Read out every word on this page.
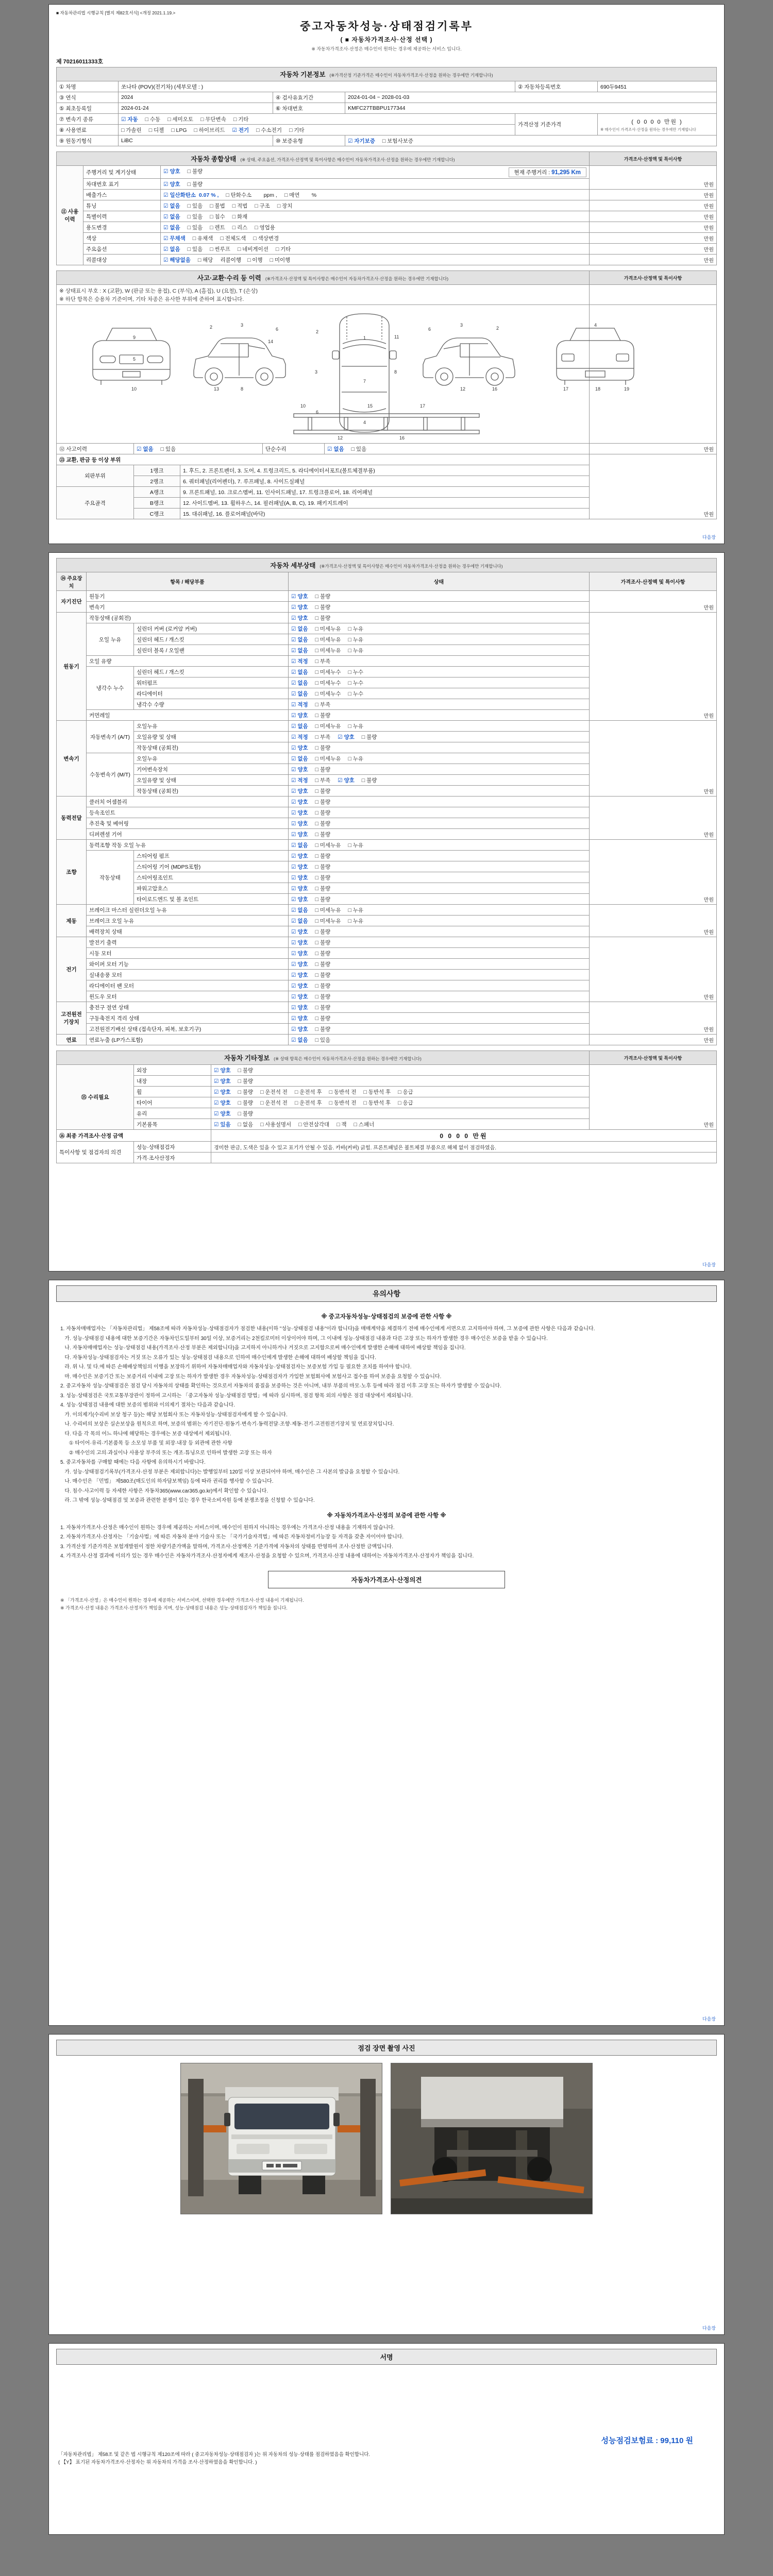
■ 자동차관리법 시행규칙 [별지 제82호서식] <개정 2021.1.19.>
중고자동차성능·상태점검기록부
( ■ 자동차가격조사·산정 선택 )
※ 자동차가격조사·산정은 매수인이 원하는 경우에 제공하는 서비스 입니다.
제 70216011333호
자동차 기본정보 (※가격산정 기준가격은 매수인이 자동차가격조사·산정을 원하는 경우에만 기재합니다)					
① 차명	쏘나타 (POV)(전기차) (세부모델 : )			② 자동차등록번호	690두9451
③ 연식	2024	④ 검사유효기간	2024-01-04 ~ 2028-01-03		
⑤ 최초등록일	2024-01-24	⑥ 차대번호	KMFC27TBBPU177344		
⑦ 변속기 종류	☑ 자동 □ 수동 □ 세미오토 □ 무단변속 □ 기타			가격산정 기준가격	( 0 0 0 0 만원 )
※ 매수인이 가격조사·산정을 원하는 경우에만 기재합니다

⑧ 사용연료	□ 가솔린 □ 디젤 □ LPG □ 하이브리드 ☑ 전기 □ 수소전기 □ 기타				
⑨ 원동기형식	LiBC	⑩ 보증유형	☑ 자기보증 □ 보험사보증		
자동차 종합상태 (※ 상태, 주요옵션, 가격조사·산정액 및 특이사항은 매수인이 자동차가격조사·산정을 원하는 경우에만 기재합니다)			가격조사·산정액 및 특이사항
⑪ 사용이력	주행거리 및 계기상태	☑ 양호 □ 불량 현재 주행거리 : 91,295 Km	만원
	차대번호 표기	☑ 양호 □ 불량	
	배출가스	☑ 일산화탄소  0.07 % , □ 탄화수소        ppm , □ 매연        %	만원
	튜닝	☑ 없음 □ 있음 □ 불법 □ 적법 □ 구조 □ 장치	만원
	특별이력	☑ 없음 □ 있음 □ 침수 □ 화재	만원
	용도변경	☑ 없음 □ 있음 □ 렌트 □ 리스 □ 영업용	만원
	색상	☑ 무채색 □ 유채색 □ 전체도색 □ 색상변경	만원
	주요옵션	☑ 없음 □ 있음 □ 썬루프 □ 네비게이션 □ 기타	만원
	리콜대상	☑ 해당없음 □ 해당 리콜이행 □ 이행 □ 미이행	만원
사고·교환·수리 등 이력 (※가격조사·산정액 및 특이사항은 매수인이 자동차가격조사·산정을 원하는 경우에만 기재합니다)					가격조사·산정액 및 특이사항

※ 상태표시 부호 : X (교환), W (판금 또는 용접), C (부식), A (흠집), U (요철), T (손상)
※ 하단 항목은 승용차 기준이며, 기타 차종은 유사한 부위에 준하여 표시합니다.					

9
5
10
2	3
6
13	8
14
1
7
4
2
3
6
8
11
3
2
6
12	16
4
18
17	19
10	15	17
12	16

⑫ 사고이력	☑ 없음 □ 있음		단순수리	☑ 없음 □ 있음	만원
⑬ 교환, 판금 등 이상 부위					만원
외판부위	1랭크	1. 후드, 2. 프론트펜더, 3. 도어, 4. 트렁크리드, 5. 라디에이터서포트(볼트체결부품)			
	2랭크	6. 쿼터패널(리어펜더), 7. 루프패널, 8. 사이드실패널			
주요골격	A랭크	9. 프론트패널, 10. 크로스멤버, 11. 인사이드패널, 17. 트렁크플로어, 18. 리어패널			
	B랭크	12. 사이드멤버, 13. 휠하우스, 14. 필러패널(A, B, C), 19. 패키지트레이			
	C랭크	15. 대쉬패널, 16. 플로어패널(바닥)			
다음장
자동차 세부상태 (※가격조사·산정액 및 특이사항은 매수인이 자동차가격조사·산정을 원하는 경우에만 기재합니다)				
⑭ 주요장치	항목 / 해당부품		상태	가격조사·산정액 및 특이사항
자기진단	원동기		☑ 양호 □ 불량	만원
	변속기		☑ 양호 □ 불량	
원동기	작동상태 (공회전)		☑ 양호 □ 불량	만원
	오일 누유	실린더 커버 (로커암 커버)	☑ 없음 □ 미세누유 □ 누유	
		실린더 헤드 / 개스킷	☑ 없음 □ 미세누유 □ 누유	
		실린더 블록 / 오일팬	☑ 없음 □ 미세누유 □ 누유	
	오일 유량		☑ 적정 □ 부족	
	냉각수 누수	실린더 헤드 / 개스킷	☑ 없음 □ 미세누수 □ 누수	
		워터펌프	☑ 없음 □ 미세누수 □ 누수	
		라디에이터	☑ 없음 □ 미세누수 □ 누수	
		냉각수 수량	☑ 적정 □ 부족	
	커먼레일		☑ 양호 □ 불량	
변속기	자동변속기 (A/T)	오일누유	☑ 없음 □ 미세누유 □ 누유	만원
		오일유량 및 상태	☑ 적정 □ 부족 ☑ 양호 □ 불량	
		작동상태 (공회전)	☑ 양호 □ 불량	
	수동변속기 (M/T)	오일누유	☑ 없음 □ 미세누유 □ 누유	
		기어변속장치	☑ 양호 □ 불량	
		오일유량 및 상태	☑ 적정 □ 부족 ☑ 양호 □ 불량	
		작동상태 (공회전)	☑ 양호 □ 불량	
동력전달	클러치 어셈블리		☑ 양호 □ 불량	만원
	등속조인트		☑ 양호 □ 불량	
	추진축 및 베어링		☑ 양호 □ 불량	
	디퍼렌셜 기어		☑ 양호 □ 불량	
조향	동력조향 작동 오일 누유		☑ 없음 □ 미세누유 □ 누유	만원
	작동상태	스티어링 펌프	☑ 양호 □ 불량	
		스티어링 기어 (MDPS포함)	☑ 양호 □ 불량	
		스티어링조인트	☑ 양호 □ 불량	
		파워고압호스	☑ 양호 □ 불량	
		타이로드엔드 및 볼 조인트	☑ 양호 □ 불량	
제동	브레이크 마스터 실린더오일 누유		☑ 없음 □ 미세누유 □ 누유	만원
	브레이크 오일 누유		☑ 없음 □ 미세누유 □ 누유	
	배력장치 상태		☑ 양호 □ 불량	
전기	발전기 출력		☑ 양호 □ 불량	만원
	시동 모터		☑ 양호 □ 불량	
	와이퍼 모터 기능		☑ 양호 □ 불량	
	실내송풍 모터		☑ 양호 □ 불량	
	라디에이터 팬 모터		☑ 양호 □ 불량	
	윈도우 모터		☑ 양호 □ 불량	
고전원전기장치	충전구 절연 상태		☑ 양호 □ 불량	만원
	구동축전지 격리 상태		☑ 양호 □ 불량	
	고전원전기배선 상태 (접속단자, 피복, 보호기구)		☑ 양호 □ 불량	
연료	연료누출 (LP가스포함)		☑ 없음 □ 있음	만원
자동차 기타정보 (※ 상태 항목은 매수인이 자동차가격조사·산정을 원하는 경우에만 기재합니다)			가격조사·산정액 및 특이사항
⑮ 수리필요	외장	☑ 양호 □ 불량	만원
	내장	☑ 양호 □ 불량	
	휠	☑ 양호 □ 불량 □ 운전석 전 □ 운전석 후 □ 동반석 전 □ 동반석 후 □ 응급	
	타이어	☑ 양호 □ 불량 □ 운전석 전 □ 운전석 후 □ 동반석 전 □ 동반석 후 □ 응급	
	유리	☑ 양호 □ 불량	
	기본품목	☑ 있음 □ 없음 □ 사용설명서 □ 안전삼각대 □ 잭 □ 스패너	
⑯ 최종 가격조사·산정 금액		0 0 0 0 만원	
특이사항 및 점검자의 의견	성능·상태점검자	경미한 판금, 도색은 있을 수 있고 표기가 안될 수 있음. 카바(커버) 긁힘. 프론트패널은 볼트체결 부품으로 해체 없이 점검하였음.	
	가격·조사산정자		
다음장
유의사항
※ 중고자동차성능·상태점검의 보증에 관한 사항 ※
1. 자동차매매업자는 「자동차관리법」 제58조에 따라 자동차성능·상태점검자가 점검한 내용(이하 "성능·상태점검 내용"이라 합니다)을 매매계약을 체결하기 전에 매수인에게 서면으로 고지하여야 하며, 그 보증에 관한 사항은 다음과 같습니다.
가. 성능·상태점검 내용에 대한 보증기간은 자동차인도일부터 30일 이상, 보증거리는 2천킬로미터 이상이어야 하며, 그 이내에 성능·상태점검 내용과 다른 고장 또는 하자가 발생한 경우 매수인은 보증을 받을 수 있습니다.
나. 자동차매매업자는 성능·상태점검 내용(가격조사·산정 부분은 제외합니다)을 고지하지 아니하거나 거짓으로 고지함으로써 매수인에게 발생한 손해에 대하여 배상할 책임을 집니다.
다. 자동차성능·상태점검자는 거짓 또는 오류가 있는 성능·상태점검 내용으로 인하여 매수인에게 발생한 손해에 대하여 배상할 책임을 집니다.
라. 위 나. 및 다.에 따른 손해배상책임의 이행을 보장하기 위하여 자동차매매업자와 자동차성능·상태점검자는 보증보험 가입 등 필요한 조치를 하여야 합니다.
마. 매수인은 보증기간 또는 보증거리 이내에 고장 또는 하자가 발생한 경우 자동차성능·상태점검자가 가입한 보험회사에 보험사고 접수를 하여 보증을 요청할 수 있습니다.
2. 중고자동차 성능·상태점검은 점검 당시 자동차의 상태를 확인하는 것으로서 자동차의 품질을 보증하는 것은 아니며, 내부 부품의 마모·노후 등에 따라 점검 이후 고장 또는 하자가 발생할 수 있습니다.
3. 성능·상태점검은 국토교통부장관이 정하여 고시하는 「중고자동차 성능·상태점검 방법」에 따라 실시하며, 점검 항목 외의 사항은 점검 대상에서 제외됩니다.
4. 성능·상태점검 내용에 대한 보증의 범위와 이의제기 절차는 다음과 같습니다.
가. 이의제기(수리비 보상 청구 등)는 해당 보험회사 또는 자동차성능·상태점검자에게 할 수 있습니다.
나. 수리비의 보상은 실손보상을 원칙으로 하며, 보증의 범위는 자기진단·원동기·변속기·동력전달·조향·제동·전기·고전원전기장치 및 연료장치입니다.
다. 다음 각 목의 어느 하나에 해당하는 경우에는 보증 대상에서 제외됩니다.
① 타이어·유리·기본품목 등 소모성 부품 및 외장·내장 등 외관에 관한 사항
② 매수인의 고의·과실이나 사용상 부주의 또는 개조·튜닝으로 인하여 발생한 고장 또는 하자
5. 중고자동차를 구매할 때에는 다음 사항에 유의하시기 바랍니다.
가. 성능·상태점검기록부(가격조사·산정 부분은 제외합니다)는 발행일부터 120일 이상 보관되어야 하며, 매수인은 그 사본의 발급을 요청할 수 있습니다.
나. 매수인은 「민법」 제580조(매도인의 하자담보책임) 등에 따라 권리를 행사할 수 있습니다.
다. 침수·사고이력 등 자세한 사항은 자동차365(www.car365.go.kr)에서 확인할 수 있습니다.
라. 그 밖에 성능·상태점검 및 보증과 관련한 분쟁이 있는 경우 한국소비자원 등에 분쟁조정을 신청할 수 있습니다.
※ 자동차가격조사·산정의 보증에 관한 사항 ※
1. 자동차가격조사·산정은 매수인이 원하는 경우에 제공하는 서비스이며, 매수인이 원하지 아니하는 경우에는 가격조사·산정 내용을 기재하지 않습니다.
2. 자동차가격조사·산정자는 「기술사법」에 따른 자동차 분야 기술사 또는 「국가기술자격법」에 따른 자동차정비기능장 등 자격을 갖춘 자이어야 합니다.
3. 가격산정 기준가격은 보험개발원이 정한 차량기준가액을 말하며, 가격조사·산정액은 기준가격에 자동차의 상태를 반영하여 조사·산정한 금액입니다.
4. 가격조사·산정 결과에 이의가 있는 경우 매수인은 자동차가격조사·산정자에게 재조사·산정을 요청할 수 있으며, 가격조사·산정 내용에 대하여는 자동차가격조사·산정자가 책임을 집니다.
자동차가격조사·산정의견
※ 「가격조사·산정」은 매수인이 원하는 경우에 제공하는 서비스이며, 선택한 경우에만 가격조사·산정 내용이 기재됩니다.
※ 가격조사·산정 내용은 가격조사·산정자가 책임을 지며, 성능·상태점검 내용은 성능·상태점검자가 책임을 집니다.
다음장
점검 장면 촬영 사진
다음장
서명
성능점검보험료 : 99,110 원
「자동차관리법」 제58조 및 같은 법 시행규칙 제120조에 따라 ( 중고자동차성능·상태점검자 )는 위 자동차의 성능·상태를 점검하였음을 확인합니다.
( 【Y】 표기된 자동차가격조사·산정자는 위 자동차의 가격을 조사·산정하였음을 확인합니다. )
